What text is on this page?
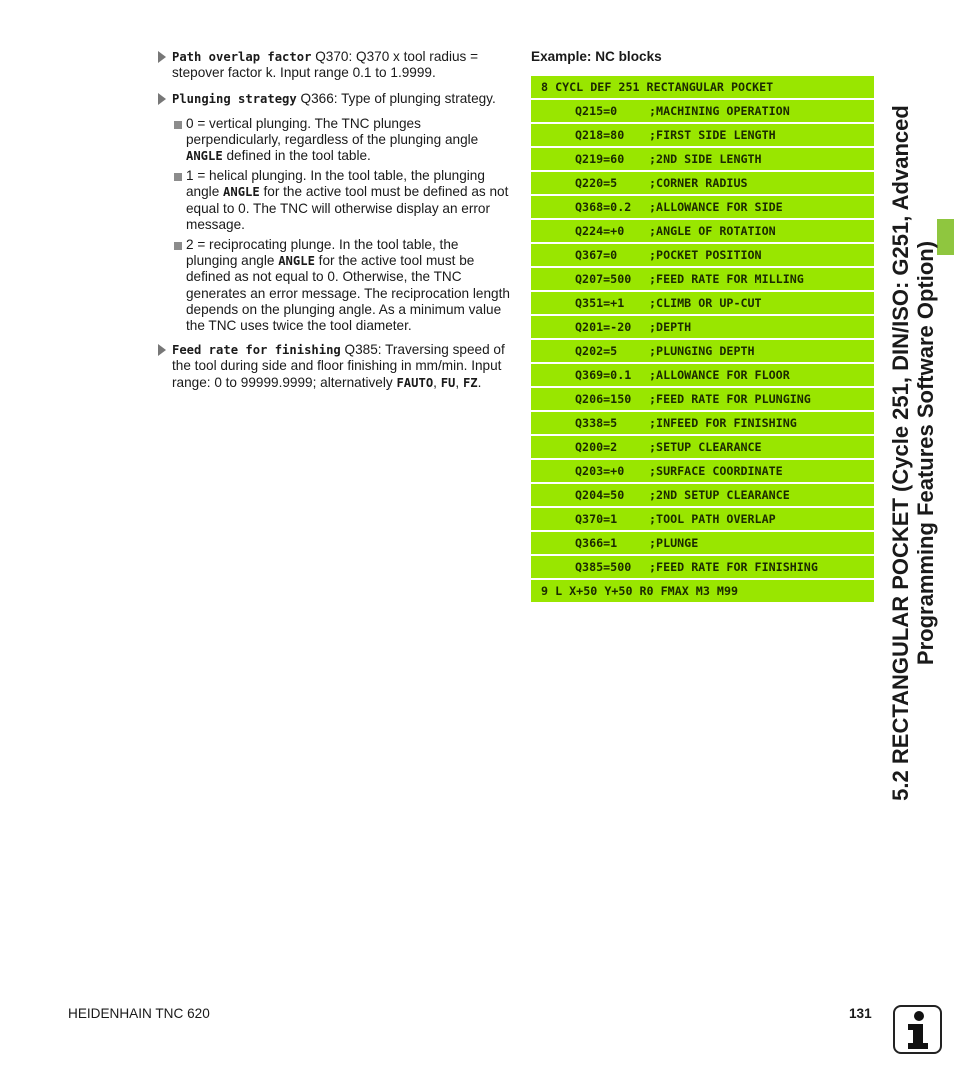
Path overlap factor Q370: Q370 x tool radius = stepover factor k. Input range 0.1 to 1.9999.
Plunging strategy Q366: Type of plunging strategy.
0 = vertical plunging. The TNC plunges perpendicularly, regardless of the plunging angle ANGLE defined in the tool table.
1 = helical plunging. In the tool table, the plunging angle ANGLE for the active tool must be defined as not equal to 0. The TNC will otherwise display an error message.
2 = reciprocating plunge. In the tool table, the plunging angle ANGLE for the active tool must be defined as not equal to 0. Otherwise, the TNC generates an error message. The reciprocation length depends on the plunging angle. As a minimum value the TNC uses twice the tool diameter.
Feed rate for finishing Q385: Traversing speed of the tool during side and floor finishing in mm/min. Input range: 0 to 99999.9999; alternatively FAUTO, FU, FZ.
Example: NC blocks
8 CYCL DEF 251 RECTANGULAR POCKET
Q215=0	;MACHINING OPERATION
Q218=80 ;FIRST SIDE LENGTH
Q219=60 ;2ND SIDE LENGTH
Q220=5	;CORNER RADIUS
Q368=0.2 ;ALLOWANCE FOR SIDE
Q224=+0 ;ANGLE OF ROTATION
Q367=0	;POCKET POSITION
Q207=500 ;FEED RATE FOR MILLING
Q351=+1 ;CLIMB OR UP-CUT
Q201=-20 ;DEPTH
Q202=5	;PLUNGING DEPTH
Q369=0.1 ;ALLOWANCE FOR FLOOR
Q206=150 ;FEED RATE FOR PLUNGING
Q338=5	;INFEED FOR FINISHING
Q200=2	;SETUP CLEARANCE
Q203=+0 ;SURFACE COORDINATE
Q204=50 ;2ND SETUP CLEARANCE
Q370=1	;TOOL PATH OVERLAP
Q366=1	;PLUNGE
Q385=500 ;FEED RATE FOR FINISHING
9 L X+50 Y+50 R0 FMAX M3 M99	5.2 RECTANGULAR POCKET (Cycle 251, DIN/ISO: G251, Advanced Programming Features Software Option)
HEIDENHAIN TNC 620	131
